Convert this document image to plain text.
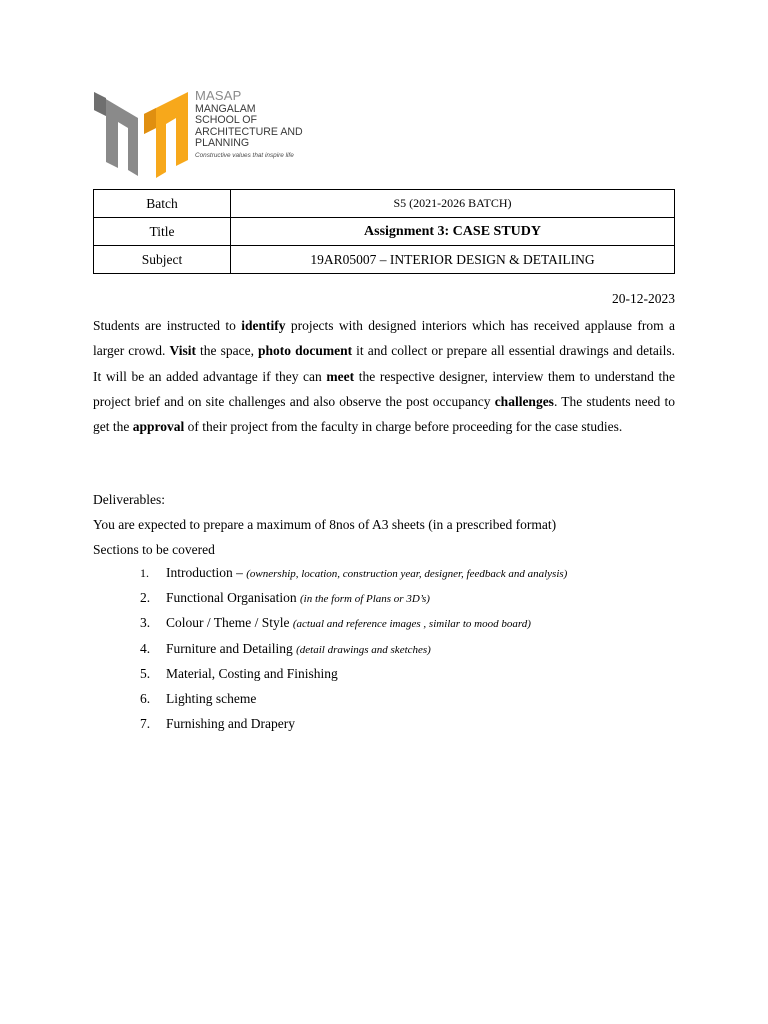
MASAP
MANGALAM
SCHOOL OF
ARCHITECTURE AND
PLANNING
Constructive values that inspire life
Batch	S5 (2021-2026 BATCH)
Title	Assignment 3: CASE STUDY
Subject	19AR05007 – INTERIOR DESIGN & DETAILING
20-12-2023

Students are instructed to identify projects with designed interiors which has received applause from a larger crowd. Visit the space, photo document it and collect or prepare all essential drawings and details. It will be an added advantage if they can meet the respective designer, interview them to understand the project brief and on site challenges and also observe the post occupancy challenges. The students need to get the approval of their project from the faculty in charge before proceeding for the case studies.

Deliverables:

You are expected to prepare a maximum of 8nos of A3 sheets (in a prescribed format)

Sections to be covered

1. Introduction – (ownership, location, construction year, designer, feedback and analysis)
2. Functional Organisation (in the form of Plans or 3D’s)
3. Colour / Theme / Style (actual and reference images , similar to mood board)
4. Furniture and Detailing (detail drawings and sketches)
5. Material, Costing and Finishing
6. Lighting scheme
7. Furnishing and Drapery
